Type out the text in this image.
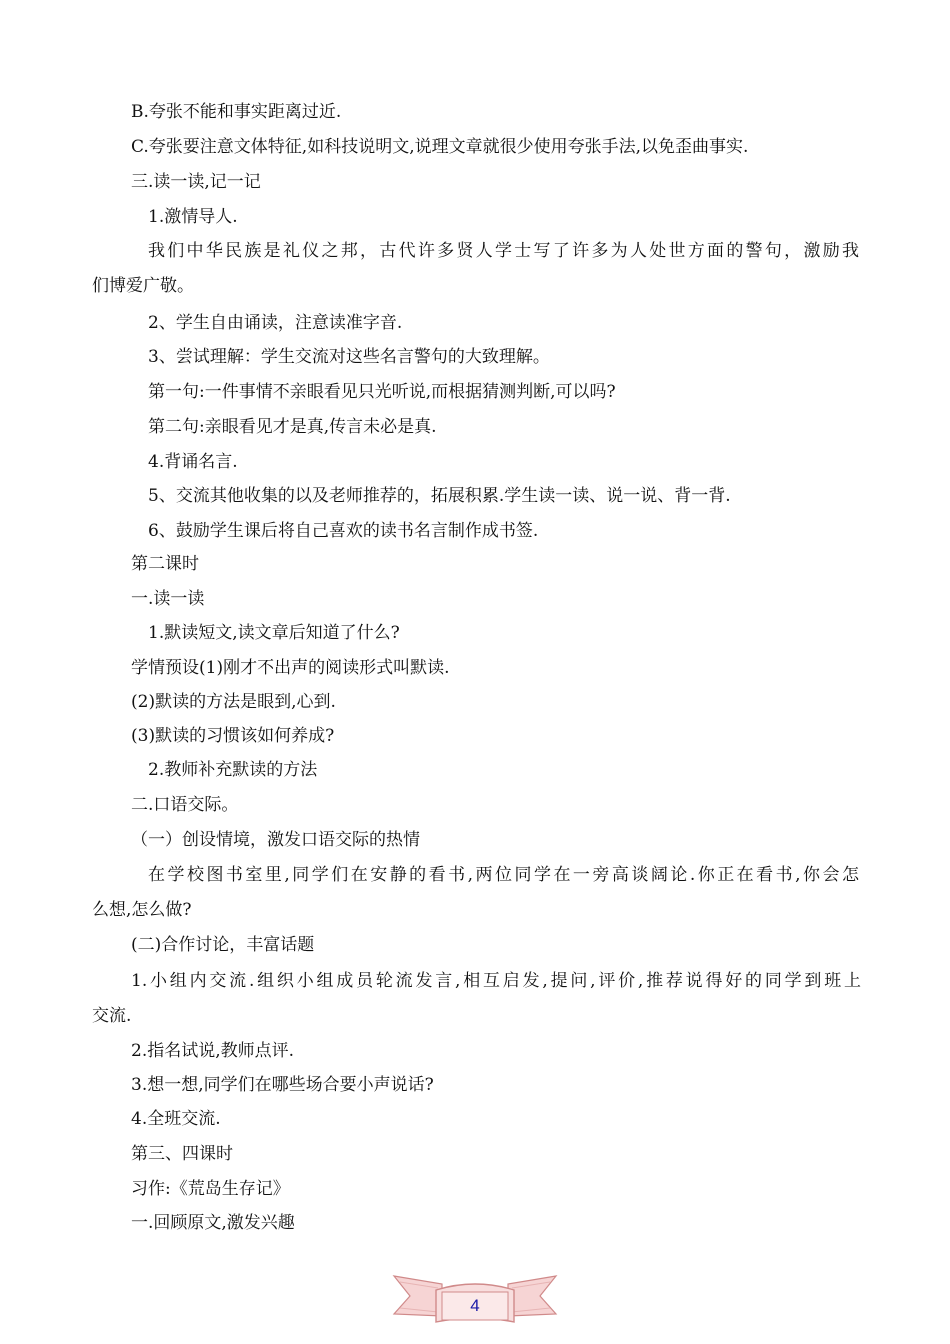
B.夸张不能和事实距离过近.
C.夸张要注意文体特征,如科技说明文,说理文章就很少使用夸张手法,以免歪曲事实.
三.读一读,记一记
1.激情导人.
我们中华民族是礼仪之邦，古代许多贤人学士写了许多为人处世方面的警句，激励我
们博爱广敬。
2、学生自由诵读，注意读准字音.
3、尝试理解：学生交流对这些名言警句的大致理解。
第一句:一件事情不亲眼看见只光听说,而根据猜测判断,可以吗?
第二句:亲眼看见才是真,传言未必是真.
4.背诵名言.
5、交流其他收集的以及老师推荐的，拓展积累.学生读一读、说一说、背一背.
6、鼓励学生课后将自己喜欢的读书名言制作成书签.
第二课时
一.读一读
1.默读短文,读文章后知道了什么?
学情预设(1)刚才不出声的阅读形式叫默读.
(2)默读的方法是眼到,心到.
(3)默读的习惯该如何养成?
2.教师补充默读的方法
二.口语交际。
（一）创设情境，激发口语交际的热情
在学校图书室里,同学们在安静的看书,两位同学在一旁高谈阔论.你正在看书,你会怎
么想,怎么做?
(二)合作讨论，丰富话题
1.小组内交流.组织小组成员轮流发言,相互启发,提问,评价,推荐说得好的同学到班上
交流.
2.指名试说,教师点评.
3.想一想,同学们在哪些场合要小声说话?
4.全班交流.
第三、四课时
习作:《荒岛生存记》
一.回顾原文,激发兴趣
4
